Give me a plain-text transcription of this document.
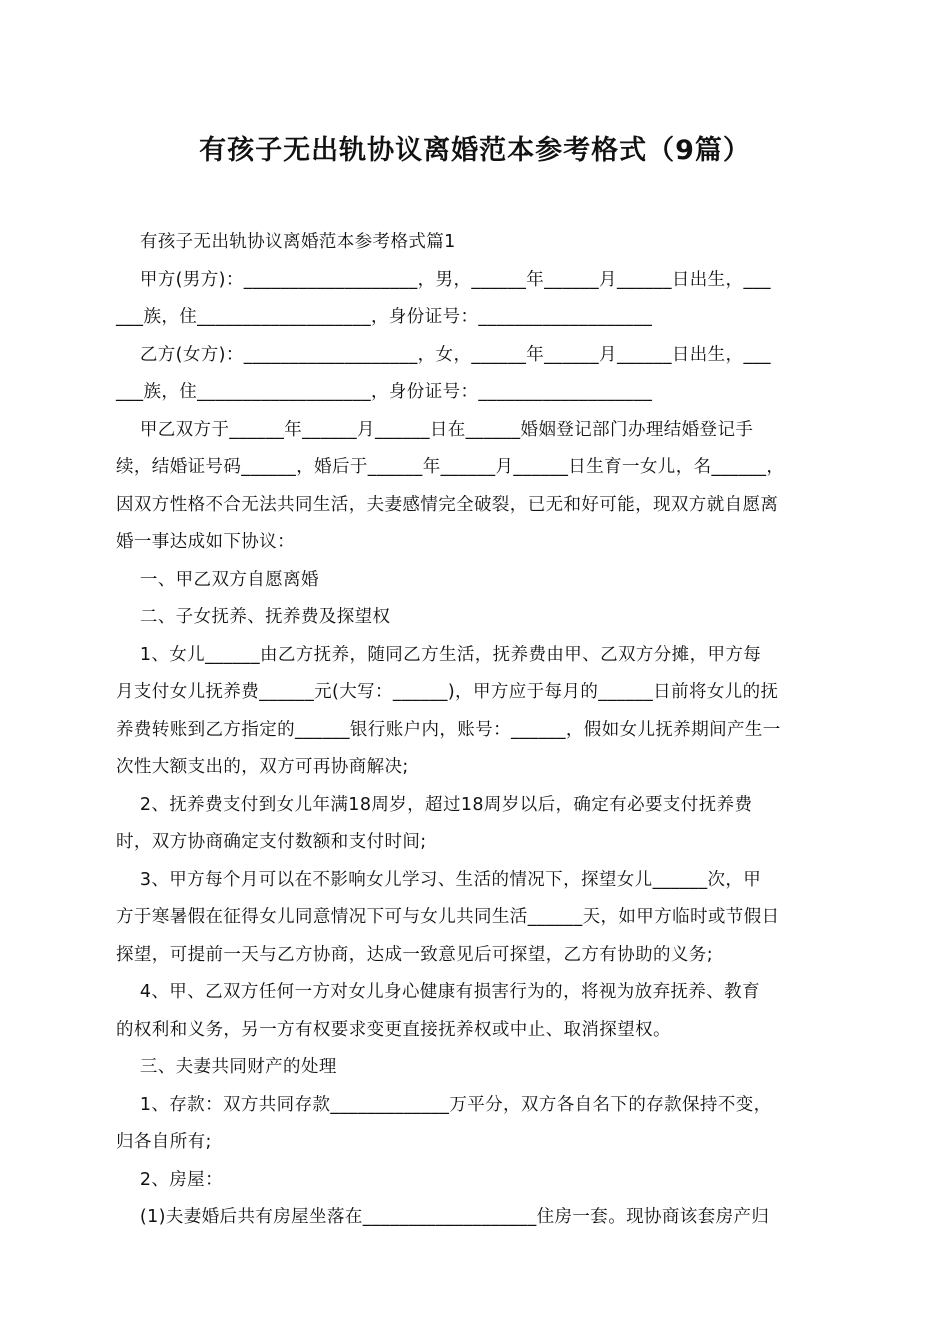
有孩子无出轨协议离婚范本参考格式（9篇）
有孩子无出轨协议离婚范本参考格式篇1
甲方(男方)：___________________，男，______年______月______日出生，___
___族，住___________________，身份证号：___________________
乙方(女方)：___________________，女，______年______月______日出生，___
___族，住___________________，身份证号：___________________
甲乙双方于______年______月______日在______婚姻登记部门办理结婚登记手
续，结婚证号码______，婚后于______年______月______日生育一女儿，名______，
因双方性格不合无法共同生活，夫妻感情完全破裂，已无和好可能，现双方就自愿离
婚一事达成如下协议：
一、甲乙双方自愿离婚
二、子女抚养、抚养费及探望权
1、女儿______由乙方抚养，随同乙方生活，抚养费由甲、乙双方分摊，甲方每
月支付女儿抚养费______元(大写：______)，甲方应于每月的______日前将女儿的抚
养费转账到乙方指定的______银行账户内，账号：______，假如女儿抚养期间产生一
次性大额支出的，双方可再协商解决;
2、抚养费支付到女儿年满18周岁，超过18周岁以后，确定有必要支付抚养费
时，双方协商确定支付数额和支付时间;
3、甲方每个月可以在不影响女儿学习、生活的情况下，探望女儿______次，甲
方于寒暑假在征得女儿同意情况下可与女儿共同生活______天，如甲方临时或节假日
探望，可提前一天与乙方协商，达成一致意见后可探望，乙方有协助的义务;
4、甲、乙双方任何一方对女儿身心健康有损害行为的，将视为放弃抚养、教育
的权利和义务，另一方有权要求变更直接抚养权或中止、取消探望权。
三、夫妻共同财产的处理
1、存款：双方共同存款_____________万平分，双方各自名下的存款保持不变，
归各自所有;
2、房屋：
(1)夫妻婚后共有房屋坐落在___________________住房一套。现协商该套房产归
